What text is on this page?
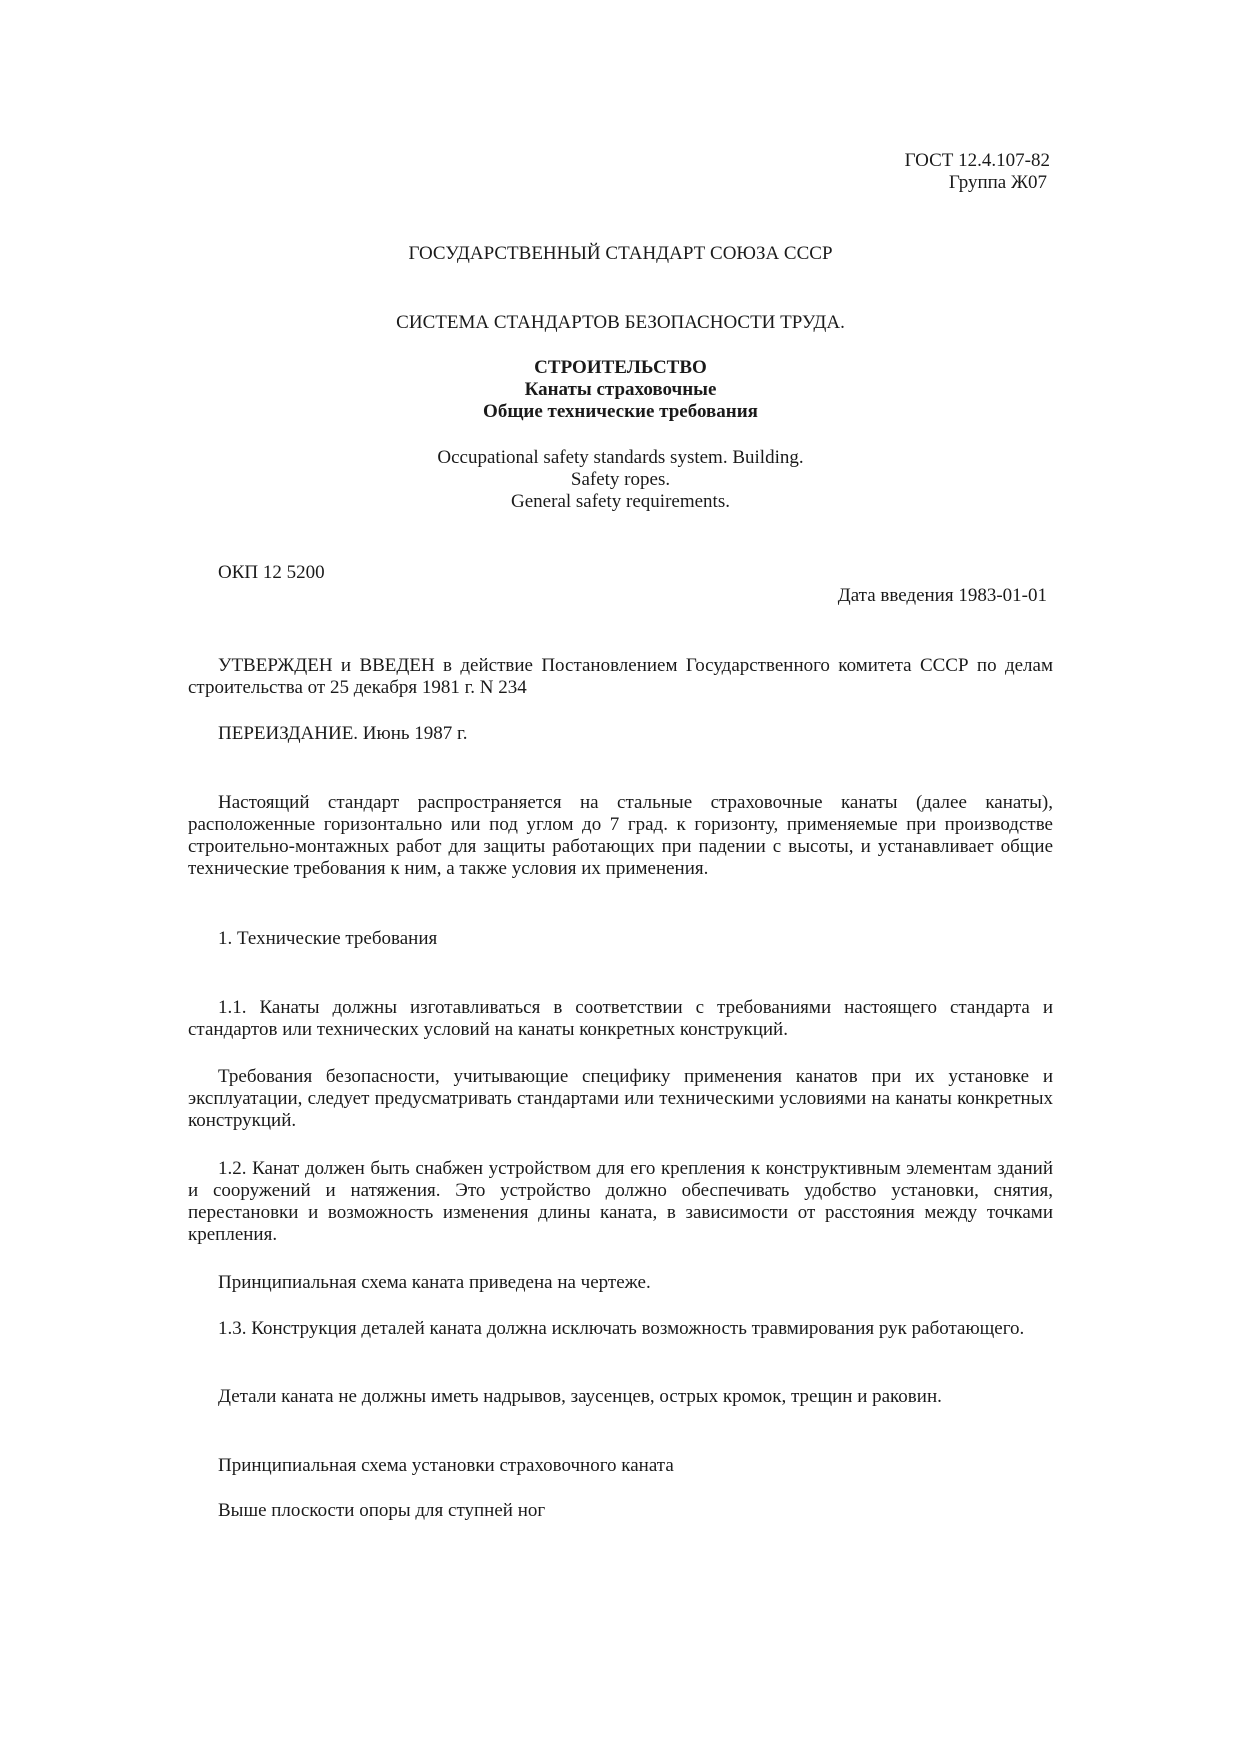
ГОСТ 12.4.107-82

Группа Ж07

ГОСУДАРСТВЕННЫЙ СТАНДАРТ СОЮЗА СССР

СИСТЕМА СТАНДАРТОВ БЕЗОПАСНОСТИ ТРУДА.

СТРОИТЕЛЬСТВО

Канаты страховочные

Общие технические требования

Occupational safety standards system. Building.

Safety ropes.

General safety requirements.

ОКП 12 5200

Дата введения 1983-01-01

УТВЕРЖДЕН и ВВЕДЕН в действие Постановлением Государственного комитета СССР по делам строительства от 25 декабря 1981 г. N 234

ПЕРЕИЗДАНИЕ. Июнь 1987 г.

Настоящий стандарт распространяется на стальные страховочные канаты (далее канаты), расположенные горизонтально или под углом до 7 град. к горизонту, применяемые при производстве строительно-монтажных работ для защиты работающих при падении с высоты, и устанавливает общие технические требования к ним, а также условия их применения.

1. Технические требования

1.1. Канаты должны изготавливаться в соответствии с требованиями настоящего стандарта и стандартов или технических условий на канаты конкретных конструкций.

Требования безопасности, учитывающие специфику применения канатов при их установке и эксплуатации, следует предусматривать стандартами или техническими условиями на канаты конкретных конструкций.

1.2. Канат должен быть снабжен устройством для его крепления к конструктивным элементам зданий и сооружений и натяжения. Это устройство должно обеспечивать удобство установки, снятия, перестановки и возможность изменения длины каната, в зависимости от расстояния между точками крепления.

Принципиальная схема каната приведена на чертеже.

1.3. Конструкция деталей каната должна исключать возможность травмирования рук работающего.

Детали каната не должны иметь надрывов, заусенцев, острых кромок, трещин и раковин.

Принципиальная схема установки страховочного каната

Выше плоскости опоры для ступней ног
